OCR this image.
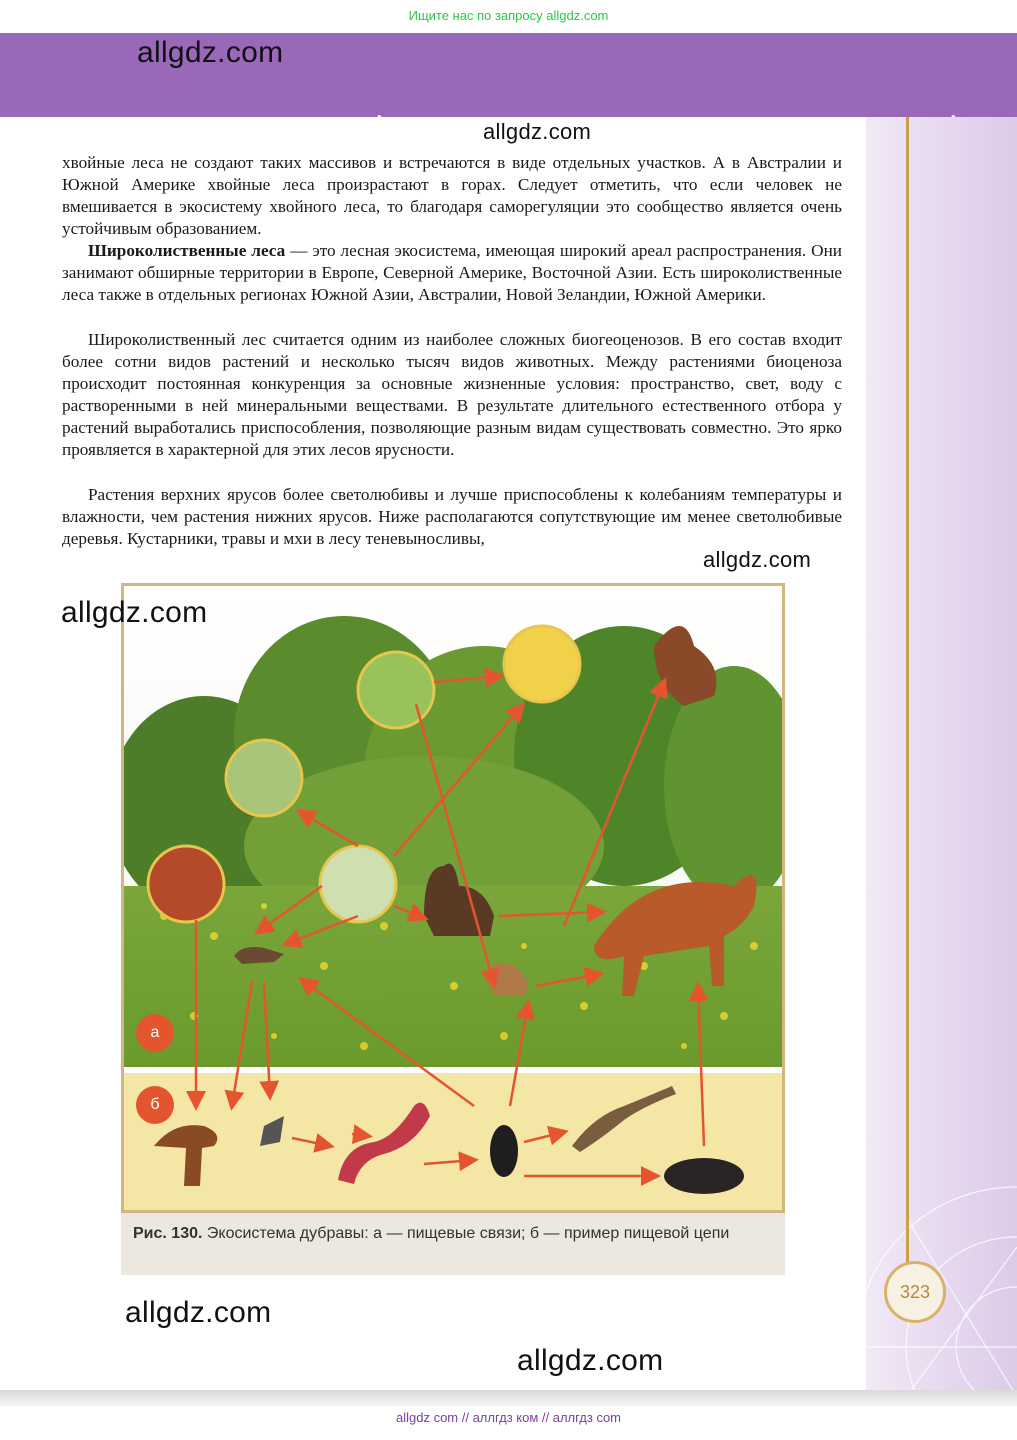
Ищите нас по запросу allgdz.com

хвойные леса не создают таких массивов и встречаются в виде отдельных участков. А в Австралии и Южной Америке хвойные леса произрастают в горах. Следует отметить, что если человек не вмешивается в экосистему хвойного леса, то благодаря саморегуляции это сообщество является очень устойчивым образованием.

Широколиственные леса — это лесная экосистема, имеющая широкий ареал распространения. Они занимают обширные территории в Европе, Северной Америке, Восточной Азии. Есть широколиственные леса также в отдельных регионах Южной Азии, Австралии, Новой Зеландии, Южной Америки.

Широколиственный лес считается одним из наиболее сложных биогеоценозов. В его состав входит более сотни видов растений и несколько тысяч видов животных. Между растениями биоценоза происходит постоянная конкуренция за основные жизненные условия: пространство, свет, воду с растворенными в ней минеральными веществами. В результате длительного естественного отбора у растений выработались приспособления, позволяющие разным видам существовать совместно. Это ярко проявляется в характерной для этих лесов ярусности.

Растения верхних ярусов более светолюбивы и лучше приспособлены к колебаниям температуры и влажности, чем растения нижних ярусов. Ниже располагаются сопутствующие им менее светолюбивые деревья. Кустарники, травы и мхи в лесу теневыносливы,

а
б
Рис. 130. Экосистема дубравы: а — пищевые связи; б — пример пищевой цепи
323
allgdz.com
allgdz.com
allgdz.com
allgdz.com
allgdz.com
allgdz.com
allgdz com // аллгдз ком // аллгдз com
